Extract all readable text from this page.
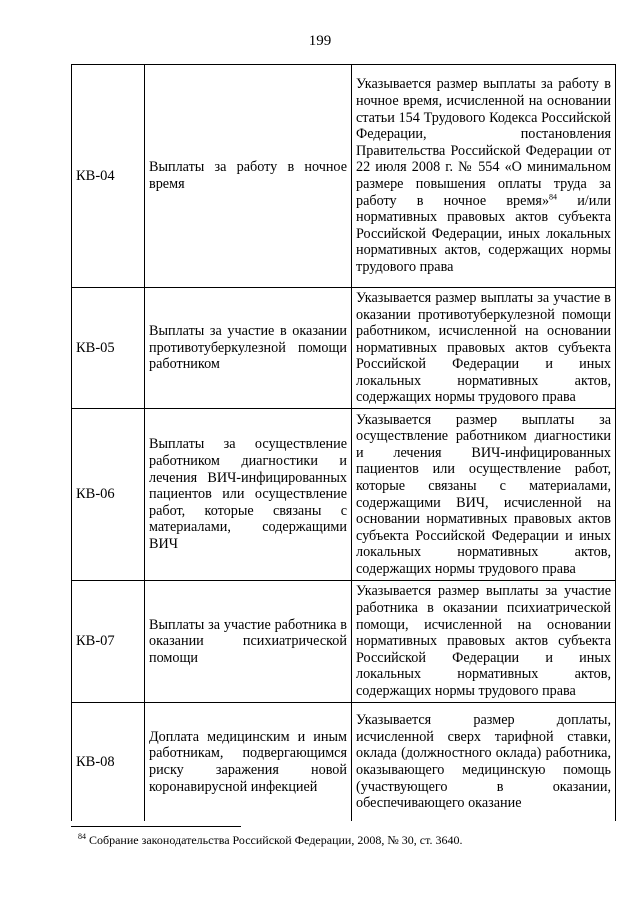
199
КВ-04	Выплаты за работу в ночное время	Указывается размер выплаты за работу в ночное время, исчисленной на основании статьи 154 Трудового Кодекса Российской Федерации, постановления Правительства Российской Федерации от 22 июля 2008 г. № 554 «О минимальном размере повышения оплаты труда за работу в ночное время»$^{84}$ и/или нормативных правовых актов субъекта Российской Федерации, иных локальных нормативных актов, содержащих нормы трудового права
КВ-05	Выплаты за участие в оказании противотуберкулезной помощи работником	Указывается размер выплаты за участие в оказании противотуберкулезной помощи работником, исчисленной на основании нормативных правовых актов субъекта Российской Федерации и иных локальных нормативных актов, содержащих нормы трудового права
КВ-06	Выплаты за осуществление работником диагностики и лечения ВИЧ-инфицированных пациентов или осуществление работ, которые связаны с материалами, содержащими ВИЧ	Указывается размер выплаты за осуществление работником диагностики и лечения ВИЧ-инфицированных пациентов или осуществление работ, которые связаны с материалами, содержащими ВИЧ, исчисленной на основании нормативных правовых актов субъекта Российской Федерации и иных локальных нормативных актов, содержащих нормы трудового права
КВ-07	Выплаты за участие работника в оказании психиатрической помощи	Указывается размер выплаты за участие работника в оказании психиатрической помощи, исчисленной на основании нормативных правовых актов субъекта Российской Федерации и иных локальных нормативных актов, содержащих нормы трудового права
КВ-08	Доплата медицинским и иным работникам, подвергающимся риску заражения новой коронавирусной инфекцией	Указывается размер доплаты, исчисленной сверх тарифной ставки, оклада (должностного оклада) работника, оказывающего медицинскую помощь (участвующего в оказании, обеспечивающего оказание
$^{84}$ Собрание законодательства Российской Федерации, 2008, № 30, ст. 3640.
